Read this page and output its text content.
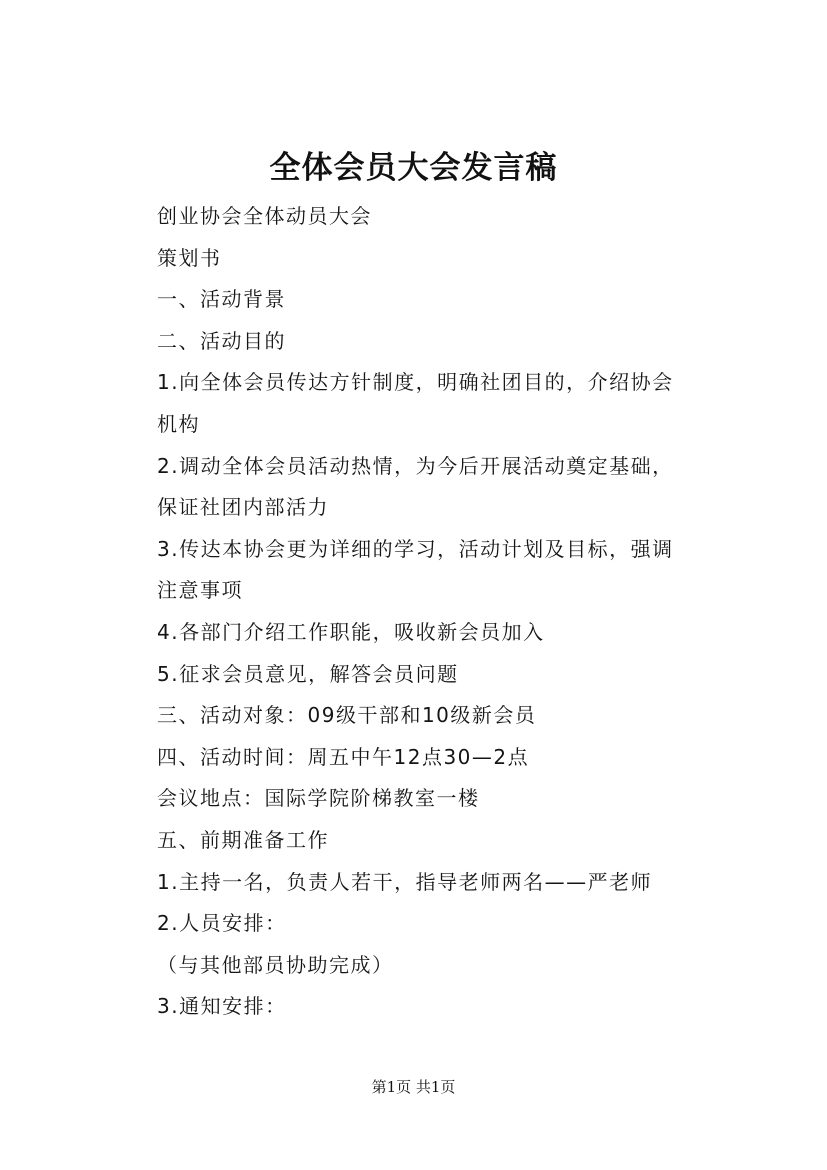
全体会员大会发言稿
创业协会全体动员大会
策划书
一、活动背景
二、活动目的
1.向全体会员传达方针制度，明确社团目的，介绍协会
机构
2.调动全体会员活动热情，为今后开展活动奠定基础，
保证社团内部活力
3.传达本协会更为详细的学习，活动计划及目标，强调
注意事项
4.各部门介绍工作职能，吸收新会员加入
5.征求会员意见，解答会员问题
三、活动对象：09级干部和10级新会员
四、活动时间：周五中午12点30—2点
会议地点：国际学院阶梯教室一楼
五、前期准备工作
1.主持一名，负责人若干，指导老师两名——严老师
2.人员安排：
（与其他部员协助完成）
3.通知安排：
第1页 共1页
